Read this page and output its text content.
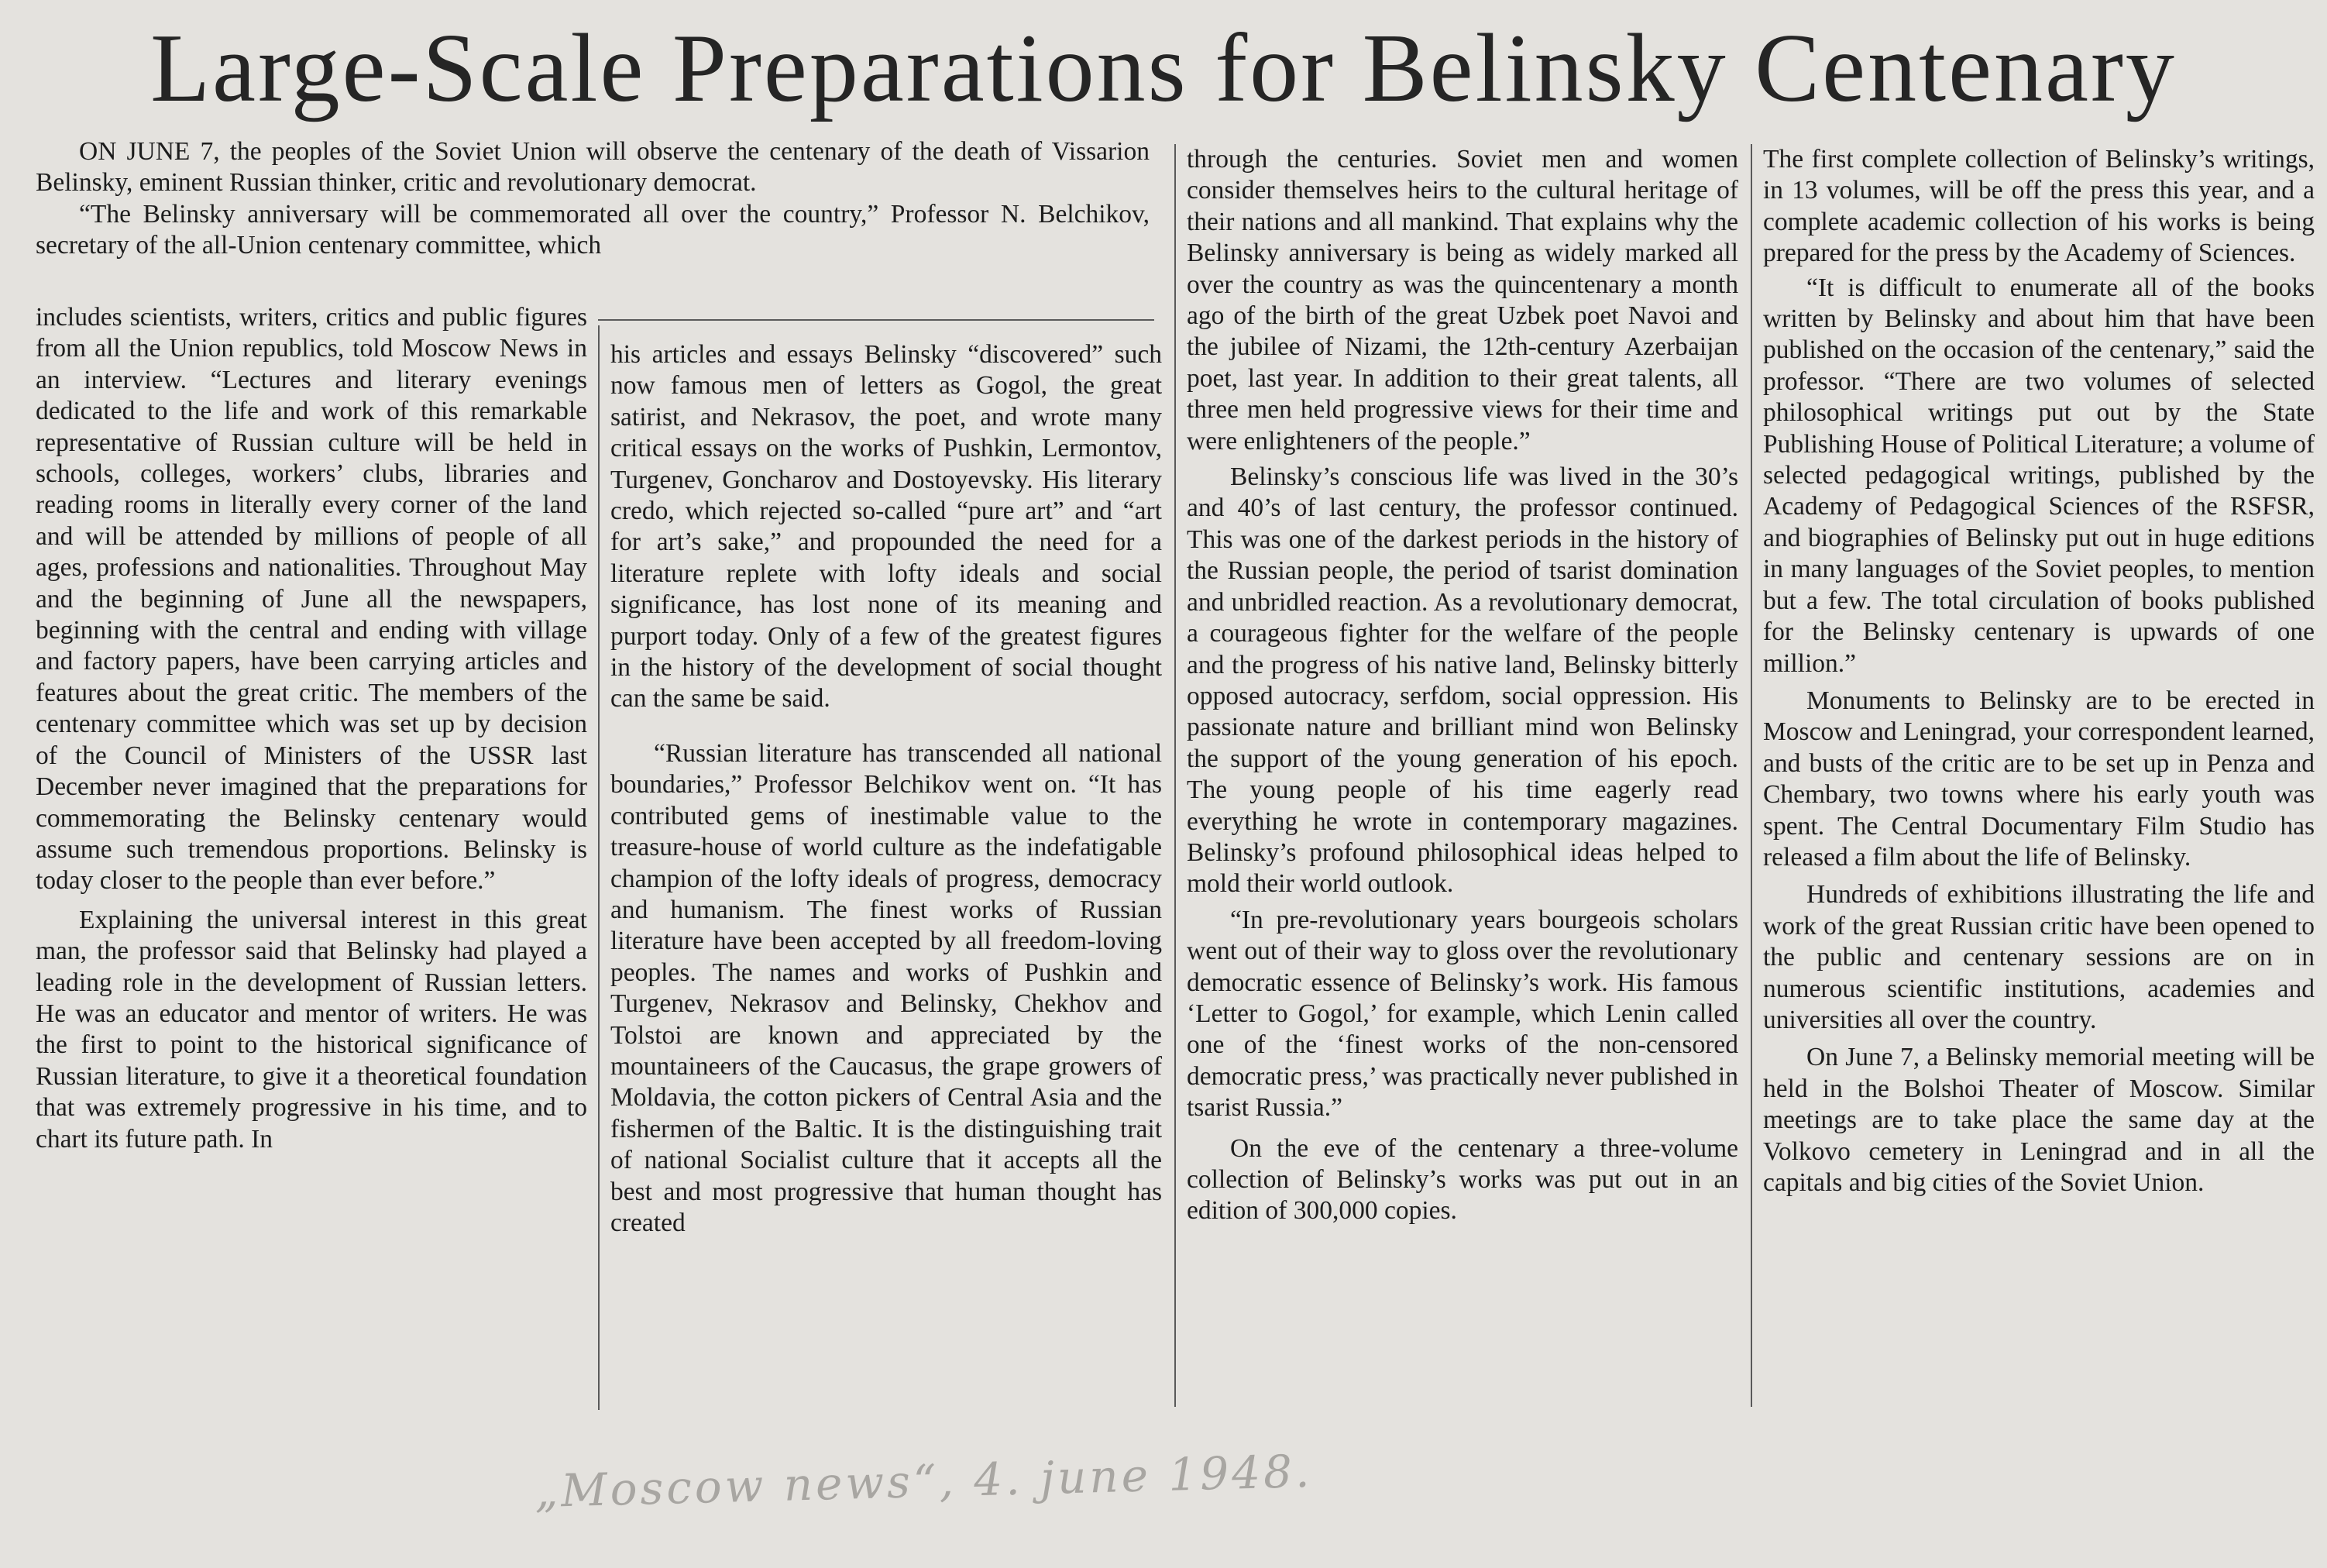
Large-Scale Preparations for Belinsky Centenary

ON JUNE 7, the peoples of the Soviet Union will observe the centenary of the death of Vissarion Belinsky, eminent Russian thinker, critic and revolutionary democrat.

“The Belinsky anniversary will be commemorated all over the country,” Professor N. Belchikov, secretary of the all-Union centenary committee, which

includes scientists, writers, critics and public figures from all the Union republics, told Moscow News in an interview. “Lectures and literary evenings dedicated to the life and work of this remarkable representative of Russian culture will be held in schools, colleges, workers’ clubs, libraries and reading rooms in literally every corner of the land and will be attended by millions of people of all ages, professions and nationalities. Throughout May and the beginning of June all the newspapers, beginning with the central and ending with village and factory papers, have been carrying articles and features about the great critic. The members of the centenary committee which was set up by decision of the Council of Ministers of the USSR last December never imagined that the preparations for commemorating the Belinsky centenary would assume such tremendous proportions. Belinsky is today closer to the people than ever before.”

Explaining the universal interest in this great man, the professor said that Belinsky had played a leading role in the development of Russian letters. He was an educator and mentor of writers. He was the first to point to the historical significance of Russian literature, to give it a theoretical foundation that was extremely progressive in his time, and to chart its future path. In

his articles and essays Belinsky “discovered” such now famous men of letters as Gogol, the great satirist, and Nekrasov, the poet, and wrote many critical essays on the works of Pushkin, Lermontov, Turgenev, Goncharov and Dostoyevsky. His literary credo, which rejected so-called “pure art” and “art for art’s sake,” and propounded the need for a literature replete with lofty ideals and social significance, has lost none of its meaning and purport today. Only of a few of the greatest figures in the history of the development of social thought can the same be said.

“Russian literature has transcended all national boundaries,” Professor Belchikov went on. “It has contributed gems of inestimable value to the treasure-house of world culture as the indefatigable champion of the lofty ideals of progress, democracy and humanism. The finest works of Russian literature have been accepted by all freedom-loving peoples. The names and works of Pushkin and Turgenev, Nekrasov and Belinsky, Chekhov and Tolstoi are known and appreciated by the mountaineers of the Caucasus, the grape growers of Moldavia, the cotton pickers of Central Asia and the fishermen of the Baltic. It is the distinguishing trait of national Socialist culture that it accepts all the best and most progressive that human thought has created

through the centuries. Soviet men and women consider themselves heirs to the cultural heritage of their nations and all mankind. That explains why the Belinsky anniversary is being as widely marked all over the country as was the quincentenary a month ago of the birth of the great Uzbek poet Navoi and the jubilee of Nizami, the 12th-century Azerbaijan poet, last year. In addition to their great talents, all three men held progressive views for their time and were enlighteners of the people.”

Belinsky’s conscious life was lived in the 30’s and 40’s of last century, the professor continued. This was one of the darkest periods in the history of the Russian people, the period of tsarist domination and unbridled reaction. As a revolutionary democrat, a courageous fighter for the welfare of the people and the progress of his native land, Belinsky bitterly opposed autocracy, serfdom, social oppression. His passionate nature and brilliant mind won Belinsky the support of the young generation of his epoch. The young people of his time eagerly read everything he wrote in contemporary magazines. Belinsky’s profound philosophical ideas helped to mold their world outlook.

“In pre-revolutionary years bourgeois scholars went out of their way to gloss over the revolutionary democratic essence of Belinsky’s work. His famous ‘Letter to Gogol,’ for example, which Lenin called one of the ‘finest works of the non-censored democratic press,’ was practically never published in tsarist Russia.”

On the eve of the centenary a three-volume collection of Belinsky’s works was put out in an edition of 300,000 copies.

The first complete collection of Belinsky’s writings, in 13 volumes, will be off the press this year, and a complete academic collection of his works is being prepared for the press by the Academy of Sciences.

“It is difficult to enumerate all of the books written by Belinsky and about him that have been published on the occasion of the centenary,” said the professor. “There are two volumes of selected philosophical writings put out by the State Publishing House of Political Literature; a volume of selected pedagogical writings, published by the Academy of Pedagogical Sciences of the RSFSR, and biographies of Belinsky put out in huge editions in many languages of the Soviet peoples, to mention but a few. The total circulation of books published for the Belinsky centenary is upwards of one million.”

Monuments to Belinsky are to be erected in Moscow and Leningrad, your correspondent learned, and busts of the critic are to be set up in Penza and Chembary, two towns where his early youth was spent. The Central Documentary Film Studio has released a film about the life of Belinsky.

Hundreds of exhibitions illustrating the life and work of the great Russian critic have been opened to the public and centenary sessions are on in numerous scientific institutions, academies and universities all over the country.

On June 7, a Belinsky memorial meeting will be held in the Bolshoi Theater of Moscow. Similar meetings are to take place the same day at the Volkovo cemetery in Leningrad and in all the capitals and big cities of the Soviet Union.

„Moscow news“, 4. june 1948.
